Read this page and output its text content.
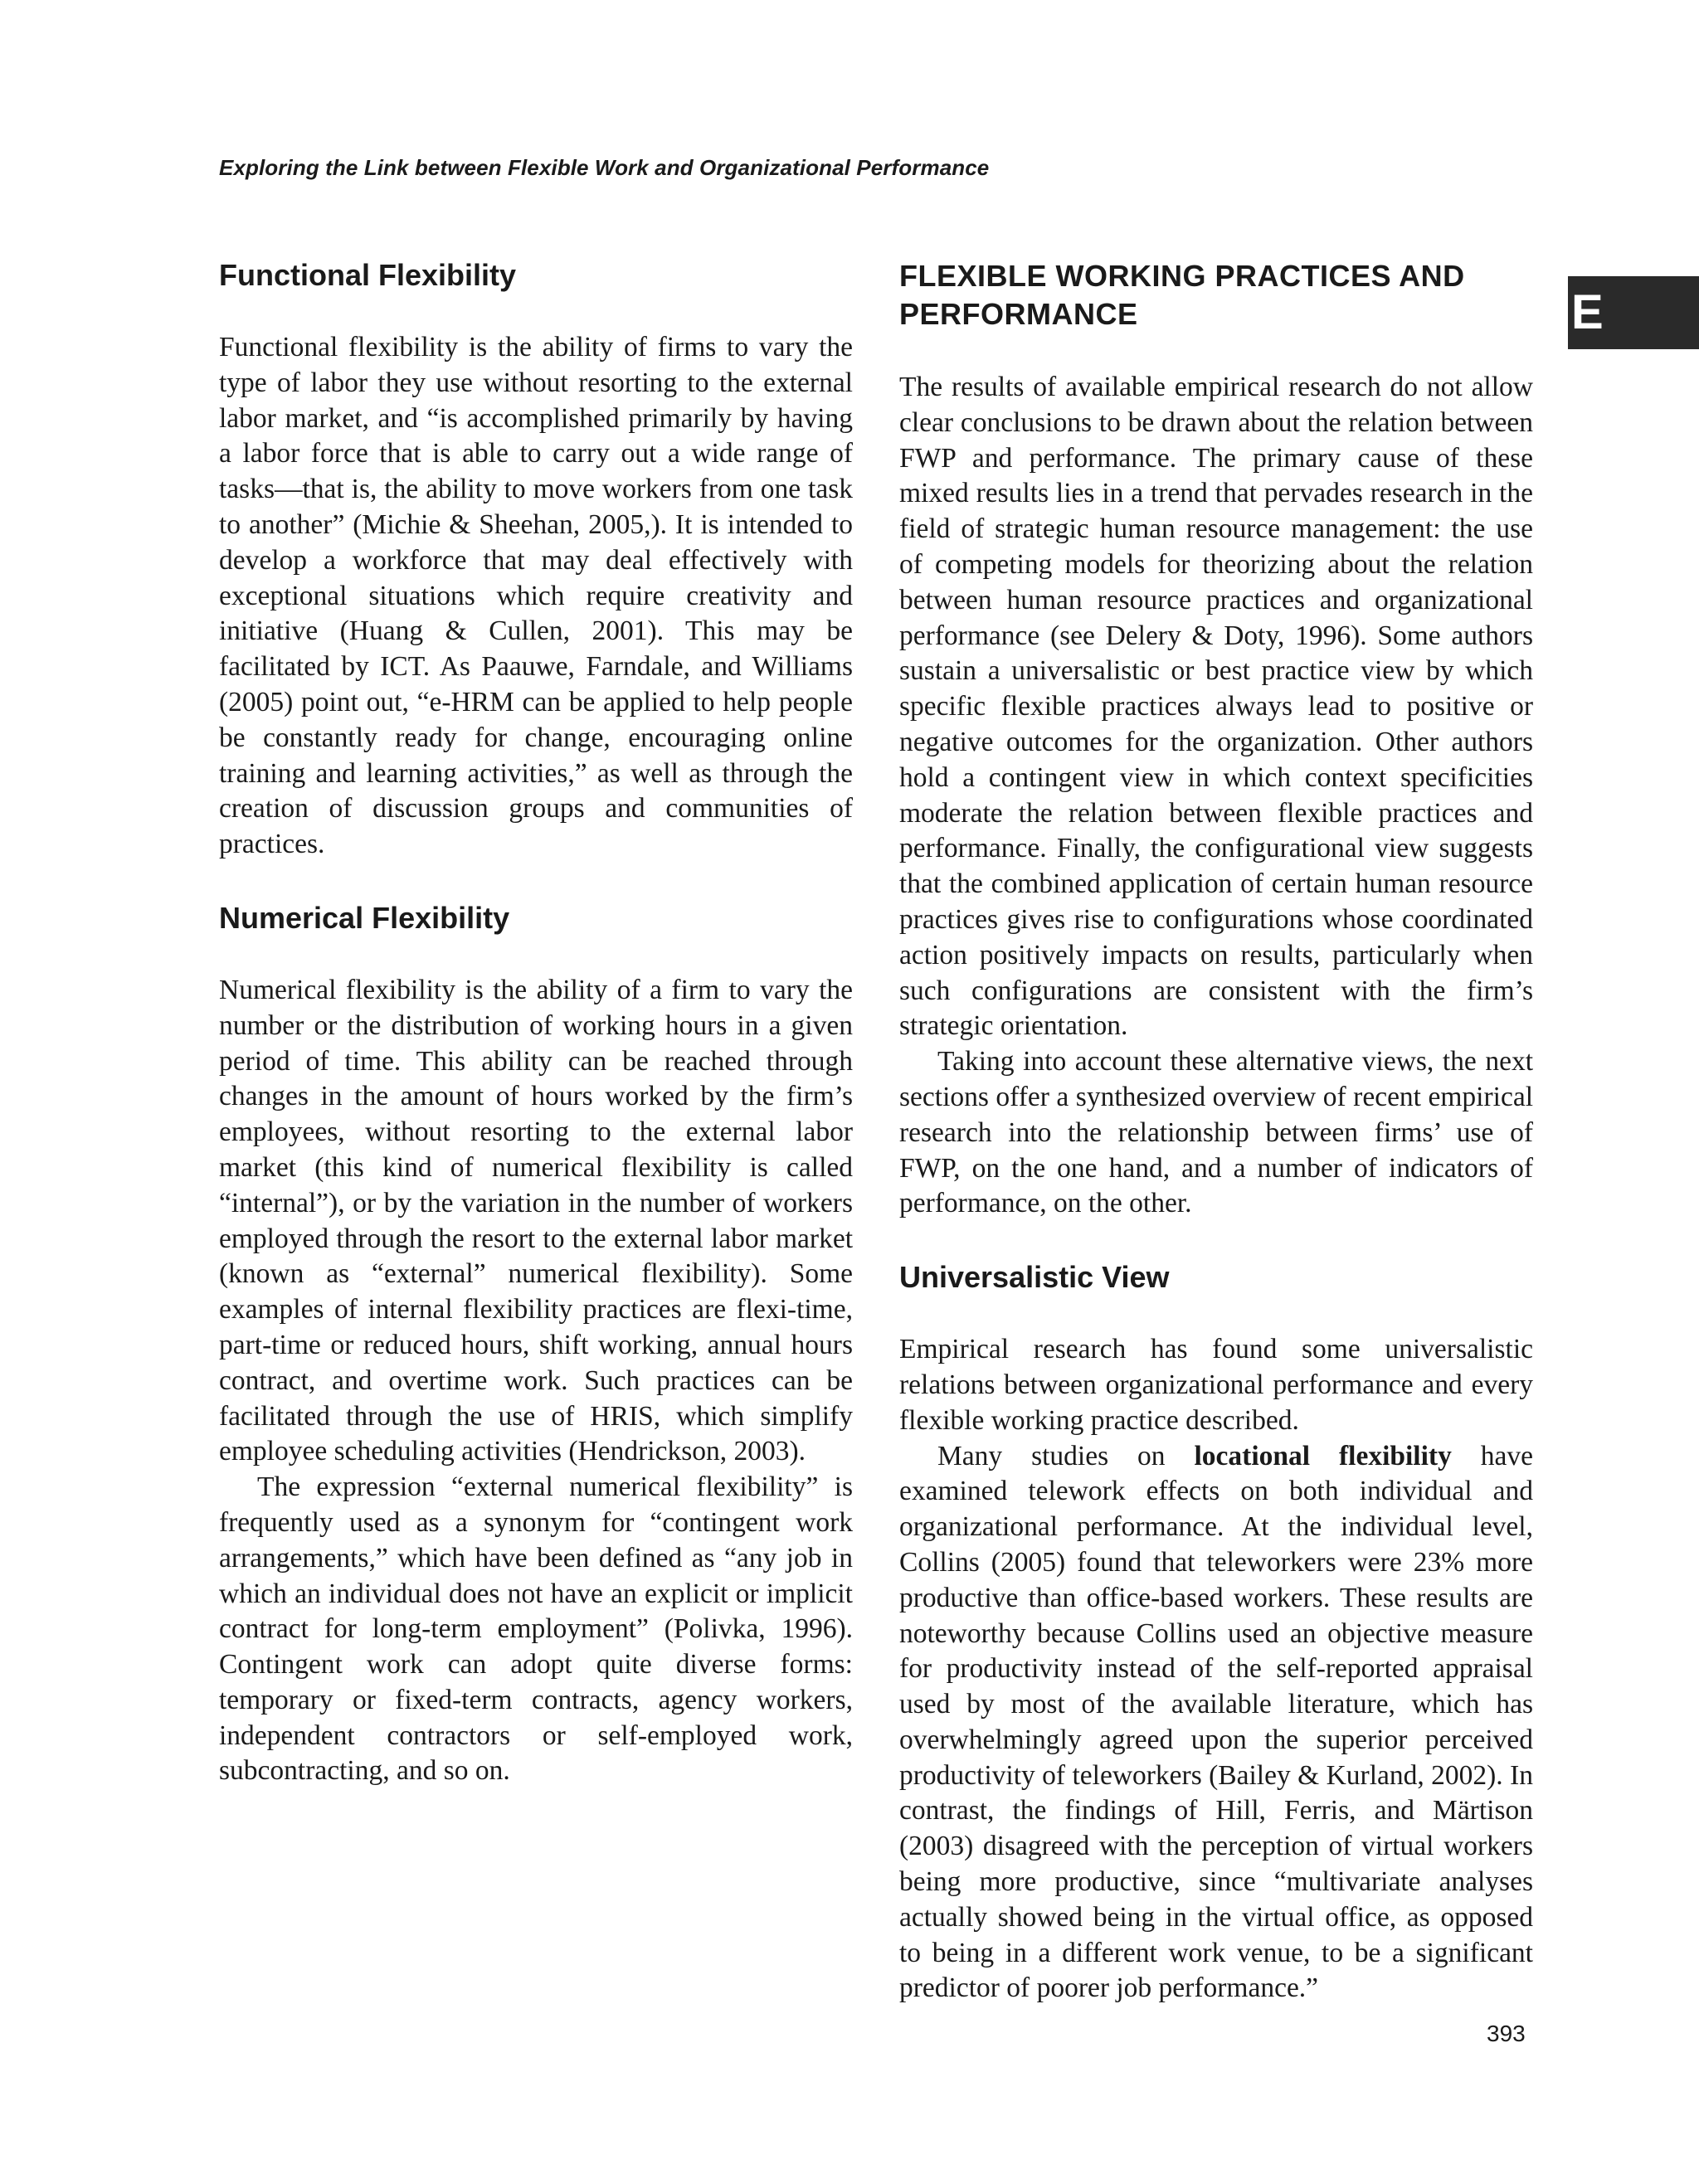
Exploring the Link between Flexible Work and Organizational Performance
E
Functional Flexibility

Functional flexibility is the ability of firms to vary the type of labor they use without resorting to the external labor market, and “is accomplished primarily by having a labor force that is able to carry out a wide range of tasks—that is, the ability to move workers from one task to another” (Michie & Sheehan, 2005,). It is intended to develop a workforce that may deal effectively with exceptional situations which require creativity and initiative (Huang & Cullen, 2001). This may be facilitated by ICT. As Paauwe, Farndale, and Williams (2005) point out, “e-HRM can be applied to help people be constantly ready for change, encouraging online training and learning activities,” as well as through the creation of discussion groups and communities of practices.

Numerical Flexibility

Numerical flexibility is the ability of a firm to vary the number or the distribution of working hours in a given period of time. This ability can be reached through changes in the amount of hours worked by the firm’s employees, without resorting to the external labor market (this kind of numerical flexibility is called “internal”), or by the variation in the number of workers employed through the resort to the external labor market (known as “external” numerical flexibility). Some examples of internal flexibility practices are flexi-time, part-time or reduced hours, shift working, annual hours contract, and overtime work. Such practices can be facilitated through the use of HRIS, which simplify employee scheduling activities (Hendrickson, 2003).

The expression “external numerical flexibility” is frequently used as a synonym for “contingent work arrangements,” which have been defined as “any job in which an individual does not have an explicit or implicit contract for long-term employment” (Polivka, 1996). Contingent work can adopt quite diverse forms: temporary or fixed-term contracts, agency workers, independent contractors or self-employed work, subcontracting, and so on.

FLEXIBLE WORKING PRACTICES AND PERFORMANCE

The results of available empirical research do not allow clear conclusions to be drawn about the relation between FWP and performance. The primary cause of these mixed results lies in a trend that pervades research in the field of strategic human resource management: the use of competing models for theorizing about the relation between human resource practices and organizational performance (see Delery & Doty, 1996). Some authors sustain a universalistic or best practice view by which specific flexible practices always lead to positive or negative outcomes for the organization. Other authors hold a contingent view in which context specificities moderate the relation between flexible practices and performance. Finally, the configurational view suggests that the combined application of certain human resource practices gives rise to configurations whose coordinated action positively impacts on results, particularly when such configurations are consistent with the firm’s strategic orientation.

Taking into account these alternative views, the next sections offer a synthesized overview of recent empirical research into the relationship between firms’ use of FWP, on the one hand, and a number of indicators of performance, on the other.

Universalistic View

Empirical research has found some universalistic relations between organizational performance and every flexible working practice described.

Many studies on locational flexibility have examined telework effects on both individual and organizational performance. At the individual level, Collins (2005) found that teleworkers were 23% more productive than office-based workers. These results are noteworthy because Collins used an objective measure for productivity instead of the self-reported appraisal used by most of the available literature, which has overwhelmingly agreed upon the superior perceived productivity of teleworkers (Bailey & Kurland, 2002). In contrast, the findings of Hill, Ferris, and Märtison (2003) disagreed with the perception of virtual workers being more productive, since “multivariate analyses actually showed being in the virtual office, as opposed to being in a different work venue, to be a significant predictor of poorer job performance.”

393
